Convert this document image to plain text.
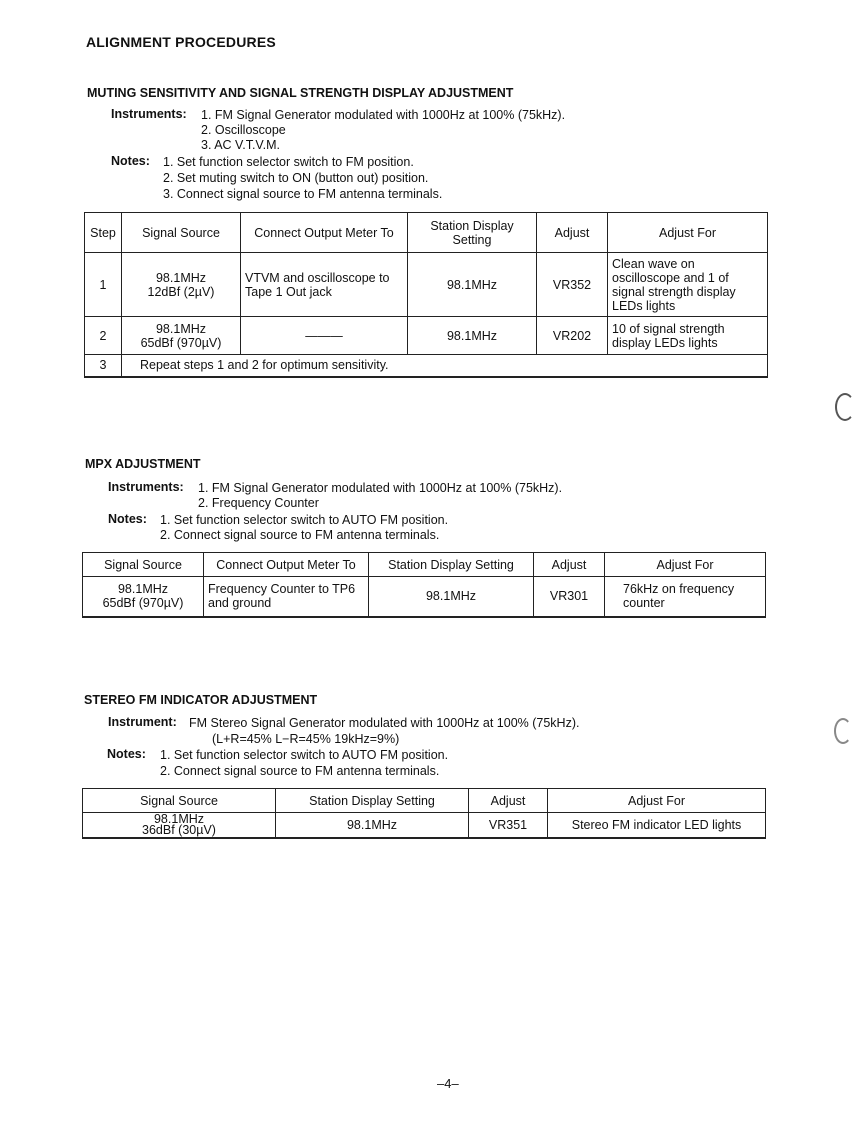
ALIGNMENT PROCEDURES
MUTING SENSITIVITY AND SIGNAL STRENGTH DISPLAY ADJUSTMENT
Instruments: 1. FM Signal Generator modulated with 1000Hz at 100% (75kHz).
2. Oscilloscope
3. AC V.T.V.M.
Notes: 1. Set function selector switch to FM position.
2. Set muting switch to ON (button out) position.
3. Connect signal source to FM antenna terminals.
Step	Signal Source	Connect Output Meter To	Station Display
Setting	Adjust	Adjust For
1	98.1MHz
12dBf (2µV)	VTVM and oscilloscope to
Tape 1 Out jack	98.1MHz	VR352	Clean wave on
oscilloscope and 1 of
signal strength display
LEDs lights
2	98.1MHz
65dBf (970µV)	———	98.1MHz	VR202	10 of signal strength
display LEDs lights
3	Repeat steps 1 and 2 for optimum sensitivity.				
MPX ADJUSTMENT
Instruments: 1. FM Signal Generator modulated with 1000Hz at 100% (75kHz).
2. Frequency Counter
Notes: 1. Set function selector switch to AUTO FM position.
2. Connect signal source to FM antenna terminals.
Signal Source	Connect Output Meter To	Station Display Setting	Adjust	Adjust For
98.1MHz
65dBf (970µV)	Frequency Counter to TP6
and ground	98.1MHz	VR301	76kHz on frequency
counter
STEREO FM INDICATOR ADJUSTMENT
Instrument: FM Stereo Signal Generator modulated with 1000Hz at 100% (75kHz).
(L+R=45% L−R=45% 19kHz=9%)
Notes: 1. Set function selector switch to AUTO FM position.
2. Connect signal source to FM antenna terminals.
Signal Source	Station Display Setting	Adjust	Adjust For
98.1MHz
36dBf (30µV)	98.1MHz	VR351	Stereo FM indicator LED lights
–4–
